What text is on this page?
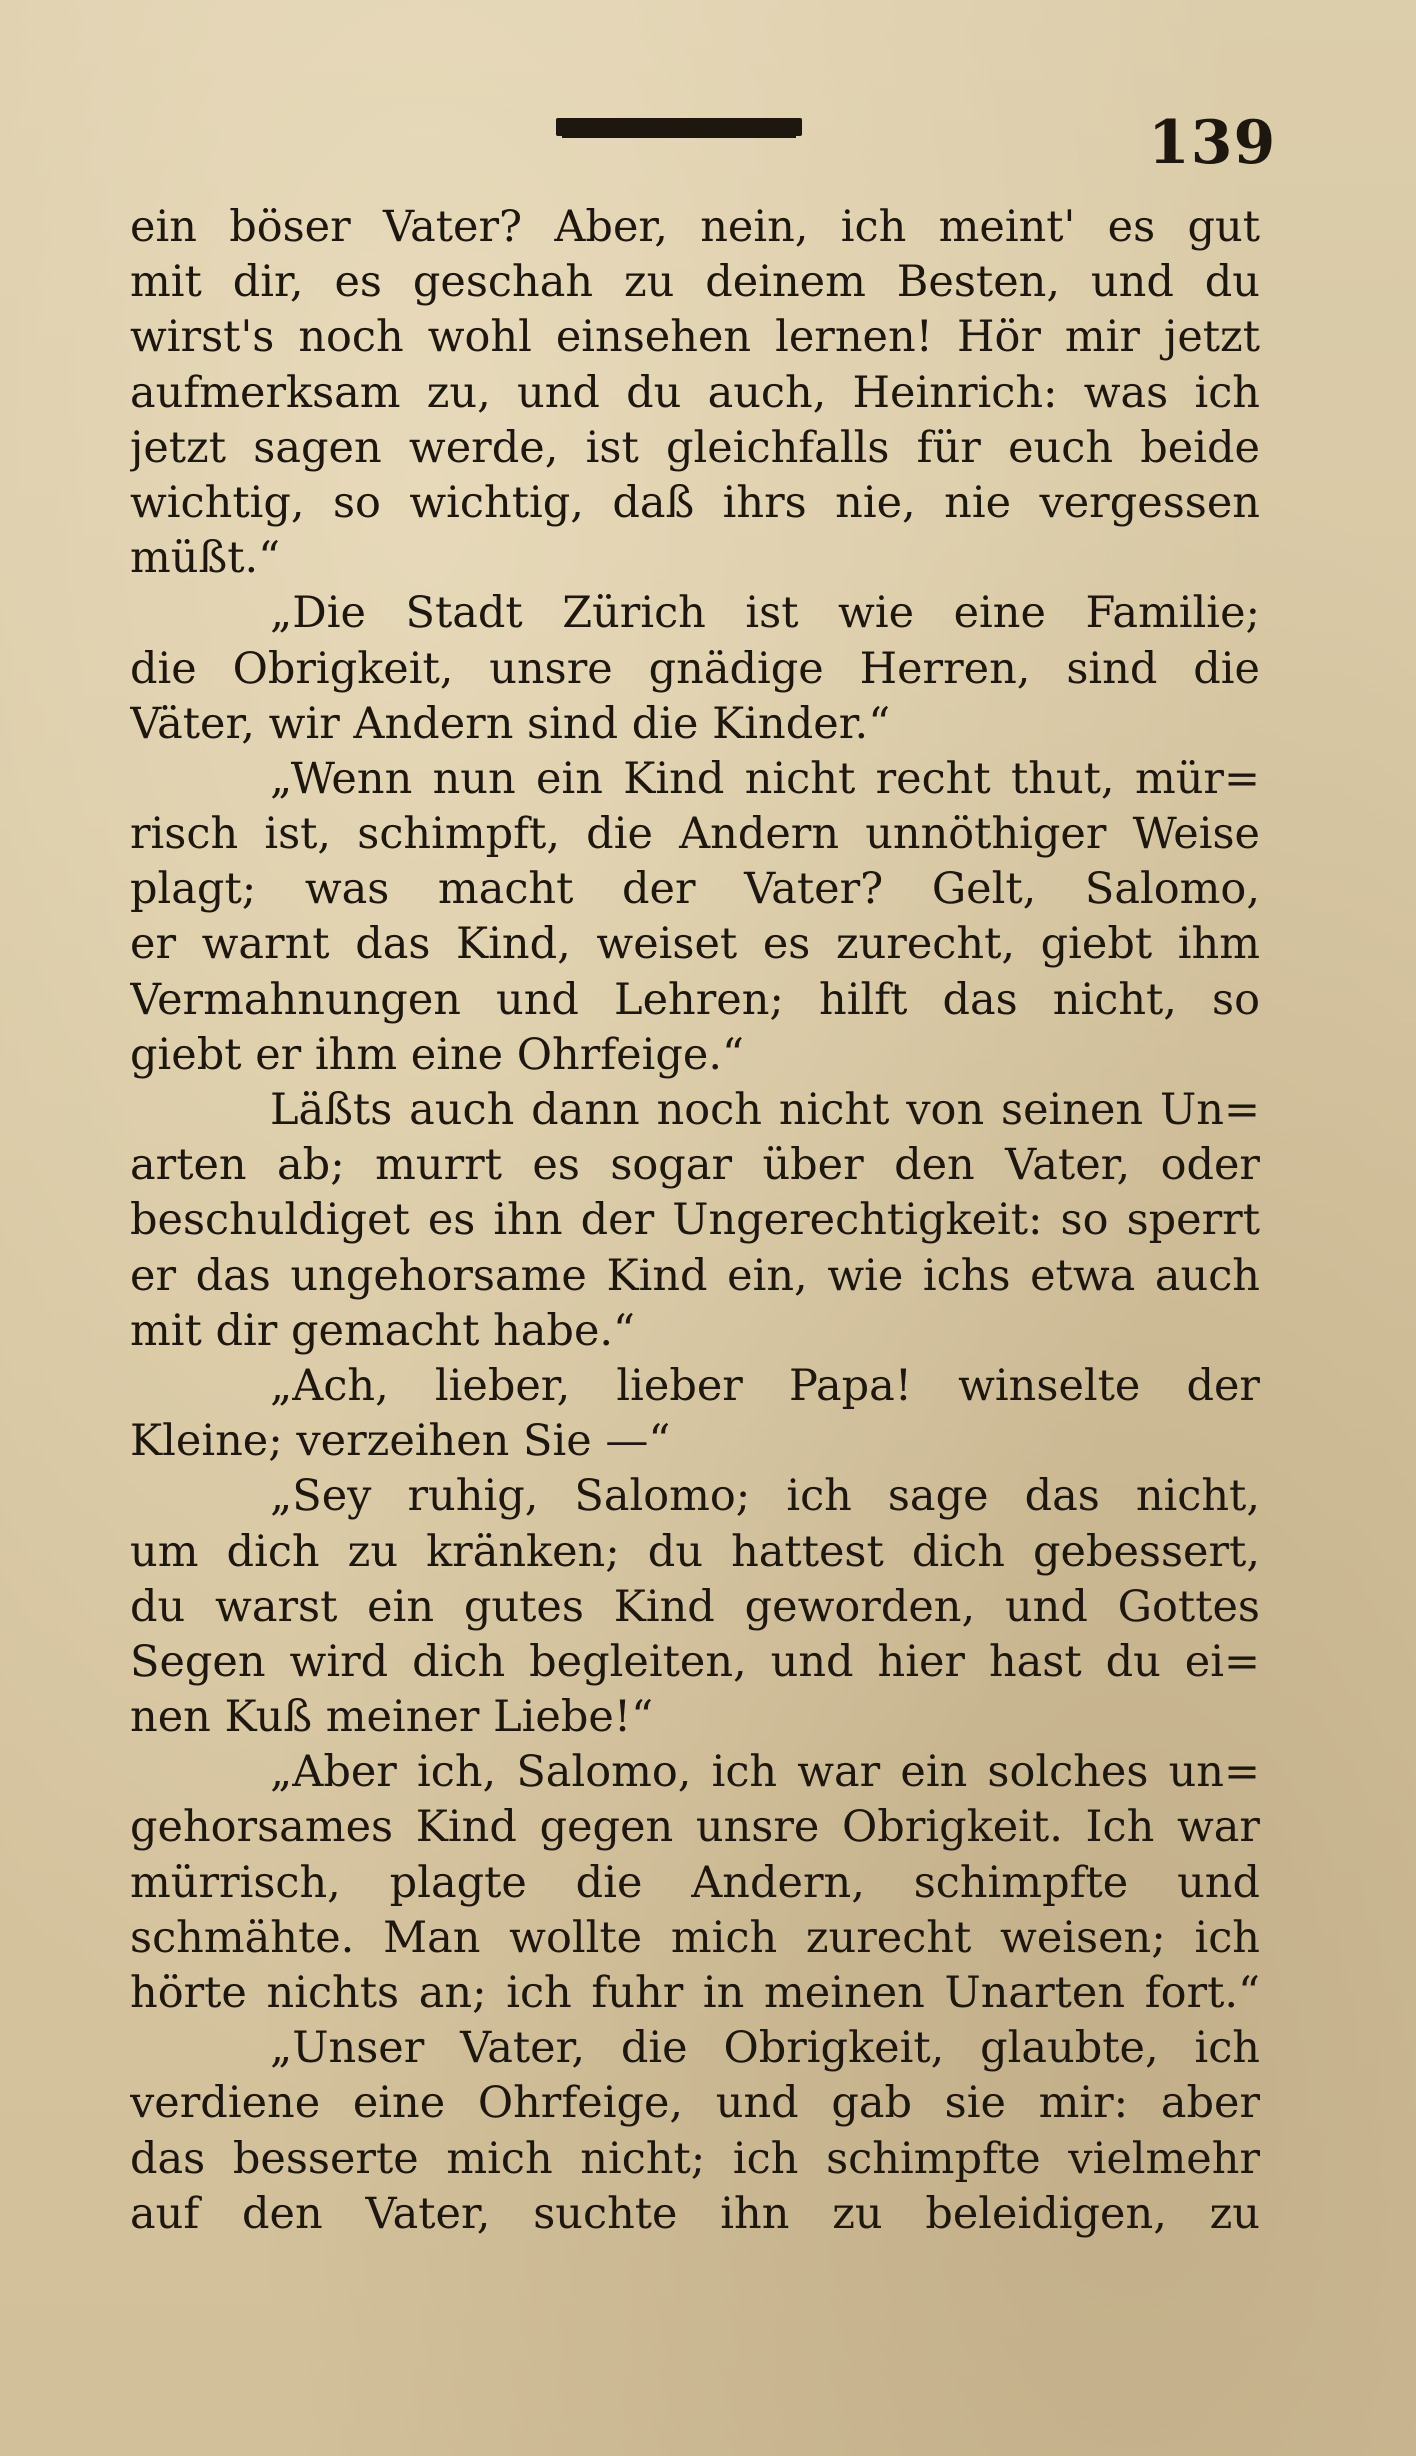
139
ein böser Vater? Aber, nein, ich meint' es gut
mit dir, es geschah zu deinem Besten, und du
wirst's noch wohl einsehen lernen! Hör mir jetzt
aufmerksam zu, und du auch, Heinrich: was ich
jetzt sagen werde, ist gleichfalls für euch beide
wichtig, so wichtig, daß ihrs nie, nie vergessen
müßt.“
„Die Stadt Zürich ist wie eine Familie;
die Obrigkeit, unsre gnädige Herren, sind die
Väter, wir Andern sind die Kinder.“
„Wenn nun ein Kind nicht recht thut, mür=
risch ist, schimpft, die Andern unnöthiger Weise
plagt; was macht der Vater? Gelt, Salomo,
er warnt das Kind, weiset es zurecht, giebt ihm
Vermahnungen und Lehren; hilft das nicht, so
giebt er ihm eine Ohrfeige.“
Läßts auch dann noch nicht von seinen Un=
arten ab; murrt es sogar über den Vater, oder
beschuldiget es ihn der Ungerechtigkeit: so sperrt
er das ungehorsame Kind ein, wie ichs etwa auch
mit dir gemacht habe.“
„Ach, lieber, lieber Papa! winselte der
Kleine; verzeihen Sie —“
„Sey ruhig, Salomo; ich sage das nicht,
um dich zu kränken; du hattest dich gebessert,
du warst ein gutes Kind geworden, und Gottes
Segen wird dich begleiten, und hier hast du ei=
nen Kuß meiner Liebe!“
„Aber ich, Salomo, ich war ein solches un=
gehorsames Kind gegen unsre Obrigkeit. Ich war
mürrisch, plagte die Andern, schimpfte und
schmähte. Man wollte mich zurecht weisen; ich
hörte nichts an; ich fuhr in meinen Unarten fort.“
„Unser Vater, die Obrigkeit, glaubte, ich
verdiene eine Ohrfeige, und gab sie mir: aber
das besserte mich nicht; ich schimpfte vielmehr
auf den Vater, suchte ihn zu beleidigen, zu
